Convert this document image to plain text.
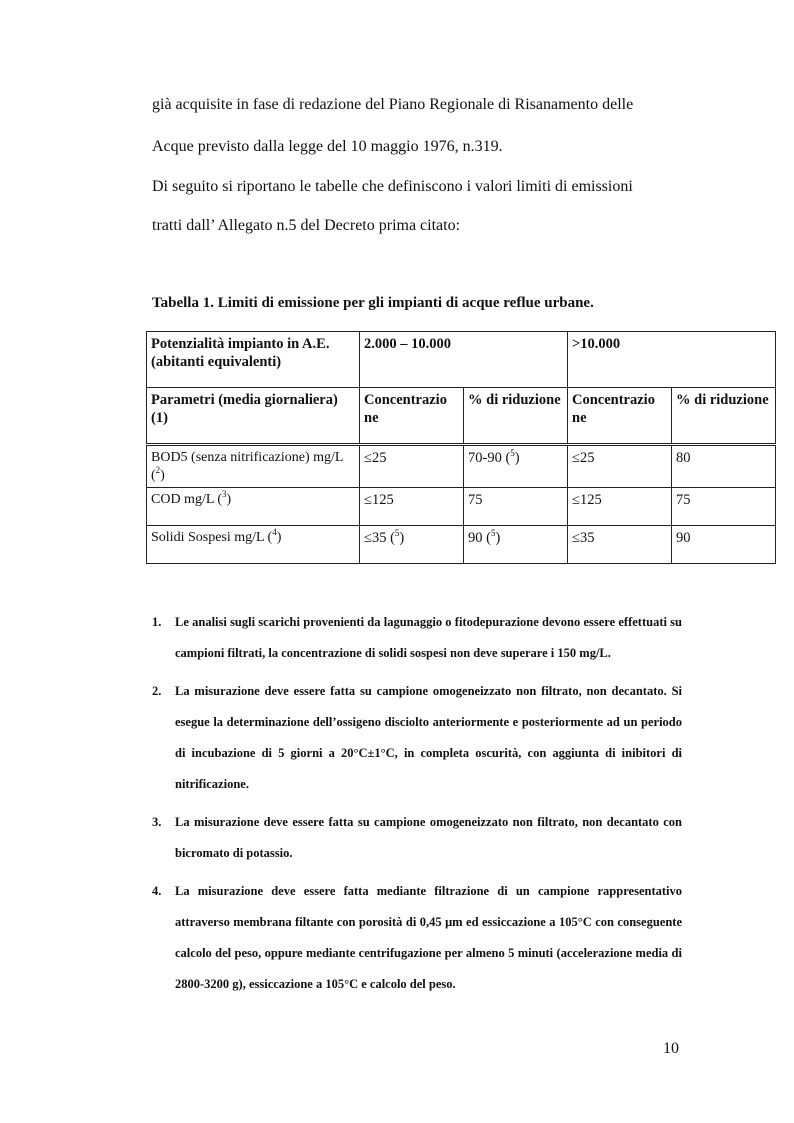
già acquisite in fase di redazione del Piano Regionale di Risanamento delle

Acque previsto dalla legge del 10 maggio 1976, n.319.

Di seguito si riportano le tabelle che definiscono i valori limiti di emissioni

tratti dall’ Allegato n.5 del Decreto prima citato:

Tabella 1. Limiti di emissione per gli impianti di acque reflue urbane.

Potenzialità impianto in A.E. (abitanti equivalenti)	2.000 – 10.000		>10.000	
Parametri (media giornaliera) (1)	Concentrazio ne	% di riduzione	Concentrazio ne	% di riduzione
BOD5 (senza nitrificazione) mg/L ($^2$)	≤25	70-90 ($^5$)	≤25	80
COD mg/L ($^3$)	≤125	75	≤125	75
Solidi Sospesi mg/L ($^4$)	≤35 ($^5$)	90 ($^5$)	≤35	90
1. Le analisi sugli scarichi provenienti da lagunaggio o fitodepurazione devono essere effettuati su campioni filtrati, la concentrazione di solidi sospesi non deve superare i 150 mg/L.
2. La misurazione deve essere fatta su campione omogeneizzato non filtrato, non decantato. Si esegue la determinazione dell’ossigeno disciolto anteriormente e posteriormente ad un periodo di incubazione di 5 giorni a 20°C±1°C, in completa oscurità, con aggiunta di inibitori di nitrificazione.
3. La misurazione deve essere fatta su campione omogeneizzato non filtrato, non decantato con bicromato di potassio.
4. La misurazione deve essere fatta mediante filtrazione di un campione rappresentativo attraverso membrana filtante con porosità di 0,45 μm ed essiccazione a 105°C con conseguente calcolo del peso, oppure mediante centrifugazione per almeno 5 minuti (accelerazione media di 2800-3200 g), essiccazione a 105°C e calcolo del peso.

10
